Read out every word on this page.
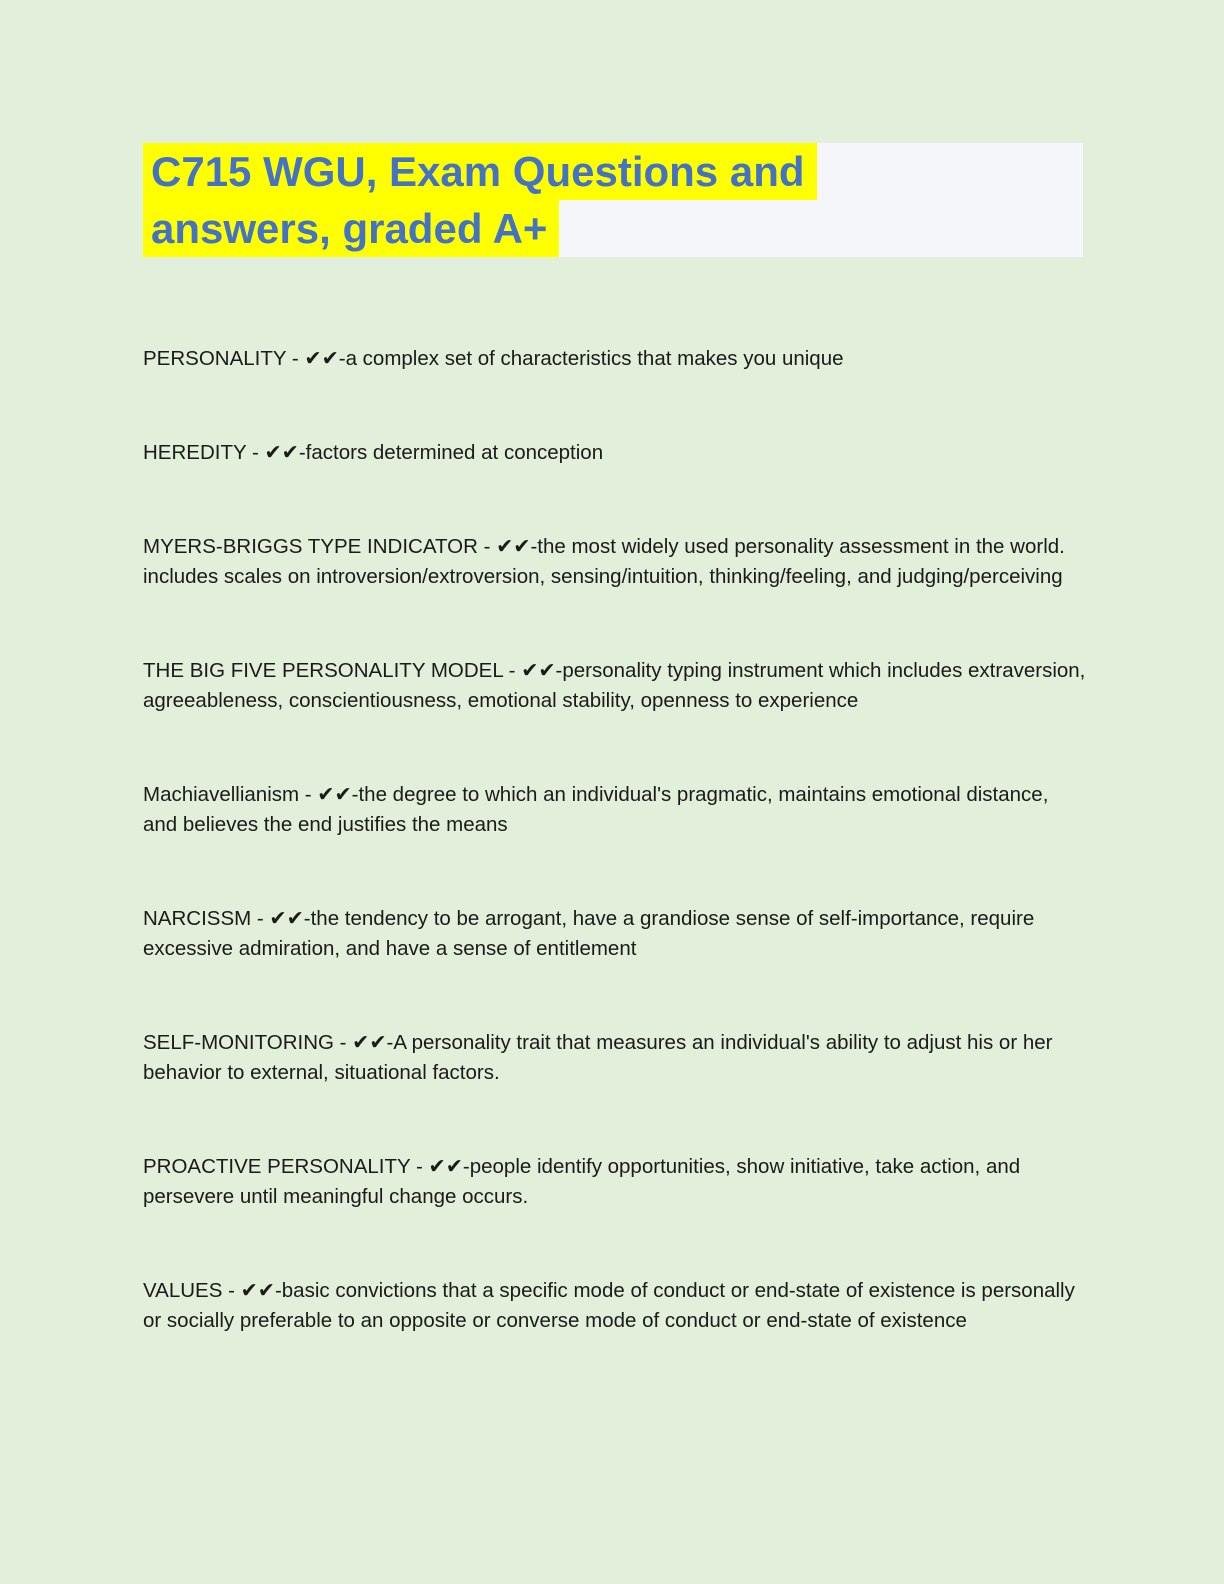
C715 WGU, Exam Questions and
answers, graded A+

PERSONALITY - ✔✔-a complex set of characteristics that makes you unique

HEREDITY - ✔✔-factors determined at conception

MYERS-BRIGGS TYPE INDICATOR - ✔✔-the most widely used personality assessment in the world. includes scales on introversion/extroversion, sensing/intuition, thinking/feeling, and judging/perceiving

THE BIG FIVE PERSONALITY MODEL - ✔✔-personality typing instrument which includes extraversion, agreeableness, conscientiousness, emotional stability, openness to experience

Machiavellianism - ✔✔-the degree to which an individual's pragmatic, maintains emotional distance, and believes the end justifies the means

NARCISSM - ✔✔-the tendency to be arrogant, have a grandiose sense of self-importance, require excessive admiration, and have a sense of entitlement

SELF-MONITORING - ✔✔-A personality trait that measures an individual's ability to adjust his or her behavior to external, situational factors.

PROACTIVE PERSONALITY - ✔✔-people identify opportunities, show initiative, take action, and persevere until meaningful change occurs.

VALUES - ✔✔-basic convictions that a specific mode of conduct or end-state of existence is personally or socially preferable to an opposite or converse mode of conduct or end-state of existence
